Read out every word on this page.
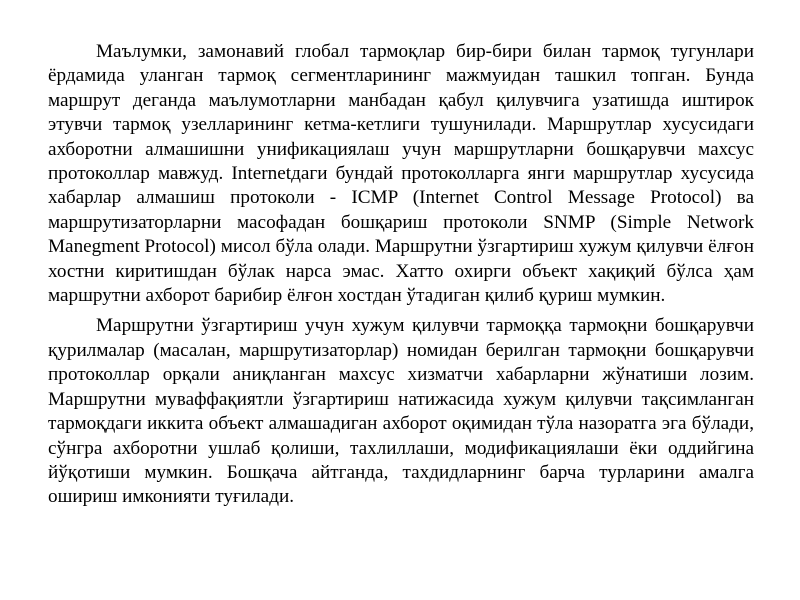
Маълумки, замонавий глобал тармоқлар бир-бири билан тармоқ тугунлари ёрдамида уланган тармоқ сегментларининг мажмуидан ташкил топган. Бунда маршрут деганда маълумотларни манбадан қабул қилувчига узатишда иштирок этувчи тармоқ узелларининг кетма-кетлиги тушунилади. Маршрутлар хусусидаги ахборотни алмашишни унификациялаш учун маршрутларни бошқарувчи махсус протоколлар мавжуд. Internetдаги бундай протоколларга янги маршрутлар хусусида хабарлар алмашиш протоколи - ICMP (Internet Control Message Protocol) ва маршрутизаторларни масофадан бошқариш протоколи SNMP (Simple Network Manegment Protocol) мисол бўла олади. Маршрутни ўзгартириш хужум қилувчи ёлғон хостни киритишдан бўлак нарса эмас. Хатто охирги объект хақиқий бўлса ҳам маршрутни ахборот барибир ёлғон хостдан ўтадиган қилиб қуриш мумкин.

Маршрутни ўзгартириш учун хужум қилувчи тармоққа тармоқни бошқарувчи қурилмалар (масалан, маршрутизаторлар) номидан берилган тармоқни бошқарувчи протоколлар орқали аниқланган махсус хизматчи хабарларни жўнатиши лозим. Маршрутни муваффақиятли ўзгартириш натижасида хужум қилувчи тақсимланган тармоқдаги иккита объект алмашадиган ахборот оқимидан тўла назоратга эга бўлади, сўнгра ахборотни ушлаб қолиши, тахлиллаши, модификациялаши ёки оддийгина йўқотиши мумкин. Бошқача айтганда, тахдидларнинг барча турларини амалга ошириш имконияти туғилади.
